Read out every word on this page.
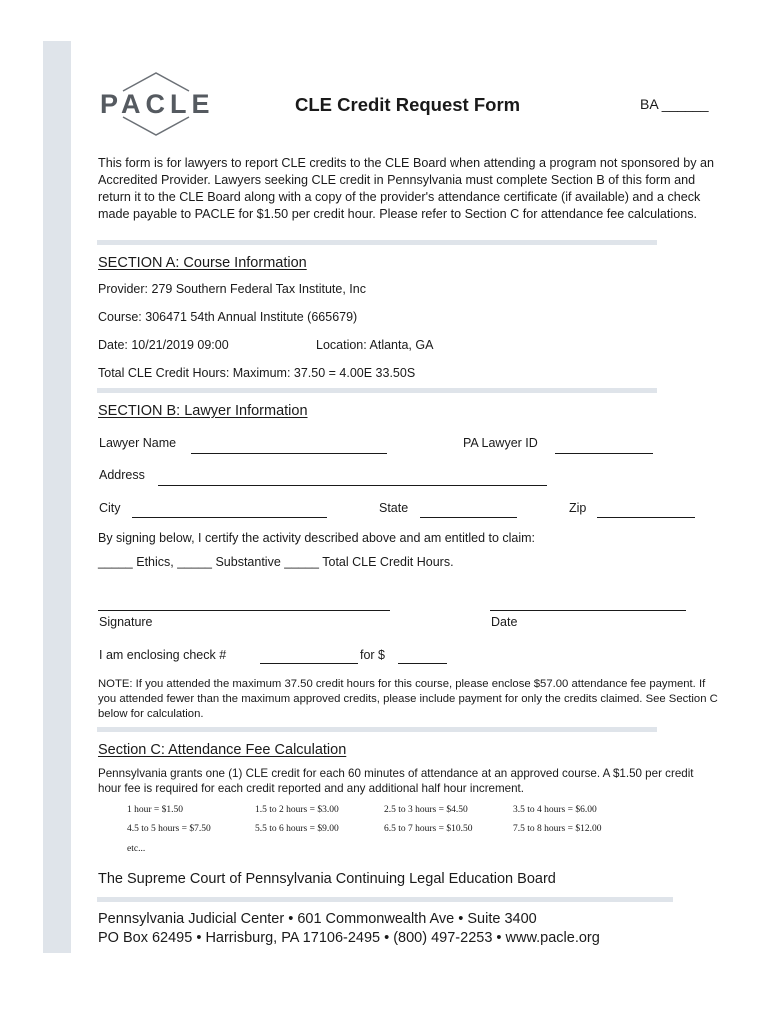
PACLE	CLE Credit Request Form	BA ______
This form is for lawyers to report CLE credits to the CLE Board when attending a program not sponsored by an Accredited Provider. Lawyers seeking CLE credit in Pennsylvania must complete Section B of this form and return it to the CLE Board along with a copy of the provider's attendance certificate (if available) and a check made payable to PACLE for $1.50 per credit hour. Please refer to Section C for attendance fee calculations.
SECTION A: Course Information
Provider: 279 Southern Federal Tax Institute, Inc
Course: 306471 54th Annual Institute (665679)
Date: 10/21/2019 09:00	Location: Atlanta, GA
Total CLE Credit Hours: Maximum: 37.50 = 4.00E 33.50S
SECTION B: Lawyer Information
Lawyer Name	PA Lawyer ID
Address
City	State	Zip
By signing below, I certify the activity described above and am entitled to claim:
_____ Ethics, _____ Substantive _____ Total CLE Credit Hours.
Signature	Date
I am enclosing check #	for $
NOTE: If you attended the maximum 37.50 credit hours for this course, please enclose $57.00 attendance fee payment. If you attended fewer than the maximum approved credits, please include payment for only the credits claimed. See Section C below for calculation.
Section C: Attendance Fee Calculation
Pennsylvania grants one (1) CLE credit for each 60 minutes of attendance at an approved course. A $1.50 per credit hour fee is required for each credit reported and any additional half hour increment.
1 hour = $1.50	1.5 to 2 hours = $3.00	2.5 to 3 hours = $4.50	3.5 to 4 hours = $6.00
4.5 to 5 hours = $7.50	5.5 to 6 hours = $9.00	6.5 to 7 hours = $10.50	7.5 to 8 hours = $12.00
etc...
The Supreme Court of Pennsylvania Continuing Legal Education Board
Pennsylvania Judicial Center • 601 Commonwealth Ave • Suite 3400
PO Box 62495 • Harrisburg, PA 17106-2495 • (800) 497-2253 • www.pacle.org
